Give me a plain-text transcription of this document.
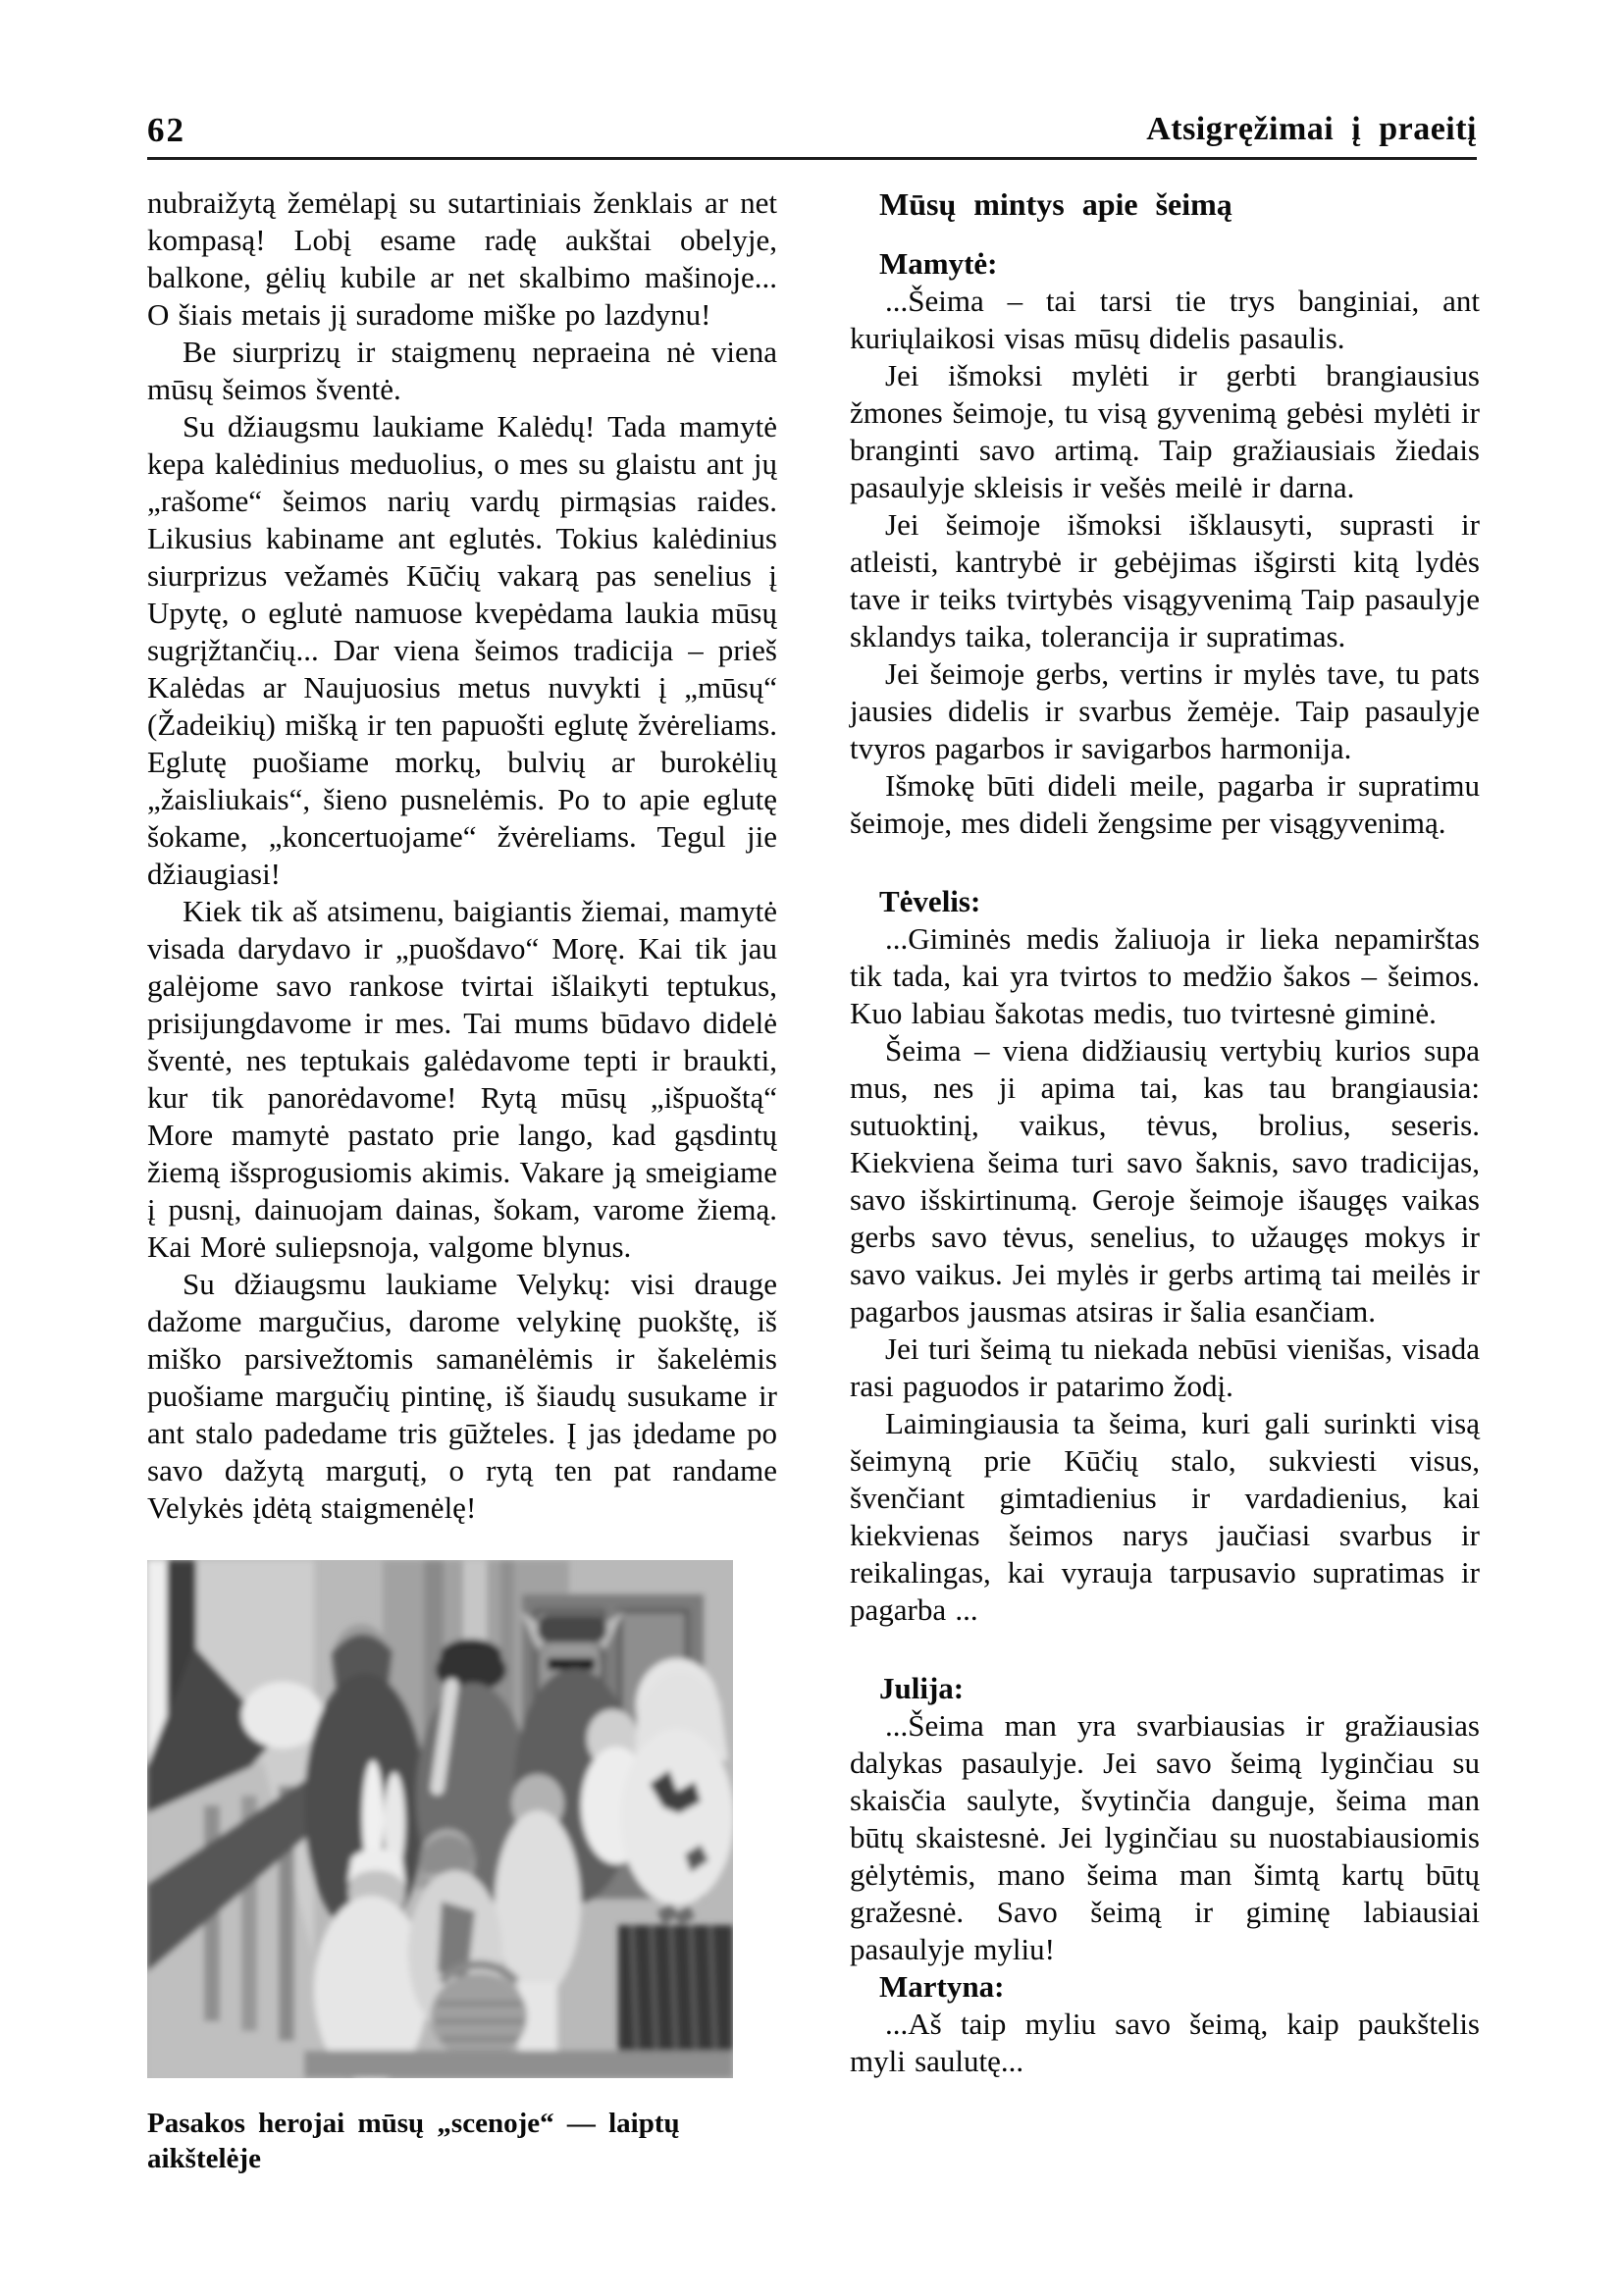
62	Atsigręžimai į praeitį

nubraižytą žemėlapį su sutartiniais ženklais ar net kompasą! Lobį esame radę aukštai obelyje, balkone, gėlių kubile ar net skalbimo mašinoje... O šiais metais jį suradome miške po lazdynu!

Be siurprizų ir staigmenų nepraeina nė viena mūsų šeimos šventė.

Su džiaugsmu laukiame Kalėdų! Tada mamytė kepa kalėdinius meduolius, o mes su glaistu ant jų „rašome“ šeimos narių vardų pirmąsias raides. Likusius kabiname ant eglutės. Tokius kalėdinius siurprizus vežamės Kūčių vakarą pas senelius į Upytę, o eglutė namuose kvepėdama laukia mūsų sugrįžtančių... Dar viena šeimos tradicija – prieš Kalėdas ar Naujuosius metus nuvykti į „mūsų“ (Žadeikių) mišką ir ten papuošti eglutę žvėreliams. Eglutę puošiame morkų, bulvių ar burokėlių „žaisliukais“, šieno pusnelėmis. Po to apie eglutę šokame, „koncertuojame“ žvėreliams. Tegul jie džiaugiasi!

Kiek tik aš atsimenu, baigiantis žiemai, mamytė visada darydavo ir „puošdavo“ Morę. Kai tik jau galėjome savo rankose tvirtai išlaikyti teptukus, prisijungdavome ir mes. Tai mums būdavo didelė šventė, nes teptukais galėdavome tepti ir braukti, kur tik panorėdavome! Rytą mūsų „išpuoštą“ More mamytė pastato prie lango, kad gąsdintų žiemą išsprogusiomis akimis. Vakare ją smeigiame į pusnį, dainuojam dainas, šokam, varome žiemą. Kai Morė suliepsnoja, valgome blynus.

Su džiaugsmu laukiame Velykų: visi drauge dažome margučius, darome velykinę puokštę, iš miško parsivežtomis samanėlėmis ir šakelėmis puošiame margučių pintinę, iš šiaudų susukame ir ant stalo padedame tris gūžteles. Į jas įdedame po savo dažytą margutį, o rytą ten pat randame Velykės įdėtą staigmenėlę!

Pasakos herojai mūsų „scenoje“ — laiptų aikštelėje
Mūsų mintys apie šeimą
Mamytė:

...Šeima – tai tarsi tie trys banginiai, ant kuriųlaikosi visas mūsų didelis pasaulis.

Jei išmoksi mylėti ir gerbti brangiausius žmones šeimoje, tu visą gyvenimą gebėsi mylėti ir branginti savo artimą. Taip gražiausiais žiedais pasaulyje skleisis ir vešės meilė ir darna.

Jei šeimoje išmoksi išklausyti, suprasti ir atleisti, kantrybė ir gebėjimas išgirsti kitą lydės tave ir teiks tvirtybės visągyvenimą Taip pasaulyje sklandys taika, tolerancija ir supratimas.

Jei šeimoje gerbs, vertins ir mylės tave, tu pats jausies didelis ir svarbus žemėje. Taip pasaulyje tvyros pagarbos ir savigarbos harmonija.

Išmokę būti dideli meile, pagarba ir supratimu šeimoje, mes dideli žengsime per visągyvenimą.

Tėvelis:

...Giminės medis žaliuoja ir lieka nepamirštas tik tada, kai yra tvirtos to medžio šakos – šeimos. Kuo labiau šakotas medis, tuo tvirtesnė giminė.

Šeima – viena didžiausių vertybių kurios supa mus, nes ji apima tai, kas tau brangiausia: sutuoktinį, vaikus, tėvus, brolius, seseris. Kiekviena šeima turi savo šaknis, savo tradicijas, savo išskirtinumą. Geroje šeimoje išaugęs vaikas gerbs savo tėvus, senelius, to užaugęs mokys ir savo vaikus. Jei mylės ir gerbs artimą tai meilės ir pagarbos jausmas atsiras ir šalia esančiam.

Jei turi šeimą tu niekada nebūsi vienišas, visada rasi paguodos ir patarimo žodį.

Laimingiausia ta šeima, kuri gali surinkti visą šeimyną prie Kūčių stalo, sukviesti visus, švenčiant gimtadienius ir vardadienius, kai kiekvienas šeimos narys jaučiasi svarbus ir reikalingas, kai vyrauja tarpusavio supratimas ir pagarba ...

Julija:

...Šeima man yra svarbiausias ir gražiausias dalykas pasaulyje. Jei savo šeimą lyginčiau su skaisčia saulyte, švytinčia danguje, šeima man būtų skaistesnė. Jei lyginčiau su nuostabiausiomis gėlytėmis, mano šeima man šimtą kartų būtų gražesnė. Savo šeimą ir giminę labiausiai pasaulyje myliu!

Martyna:

...Aš taip myliu savo šeimą, kaip paukštelis myli saulutę...
